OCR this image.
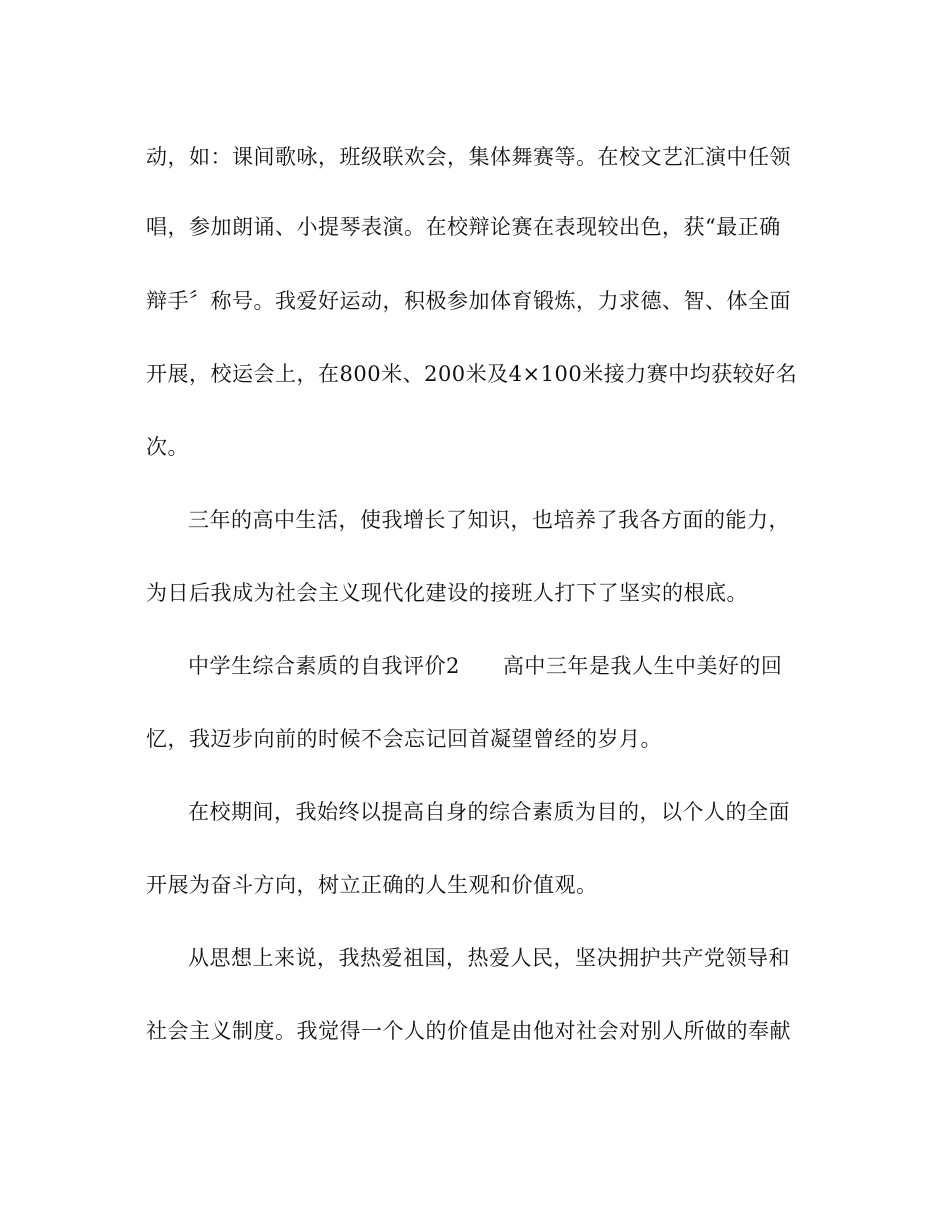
动，如：课间歌咏，班级联欢会，集体舞赛等。在校文艺汇演中任领
唱，参加朗诵、小提琴表演。在校辩论赛在表现较出色，获“最正确
辩手〞称号。我爱好运动，积极参加体育锻炼，力求德、智、体全面
开展，校运会上，在800米、200米及4×100米接力赛中均获较好名
次。
三年的高中生活，使我增长了知识，也培养了我各方面的能力，
为日后我成为社会主义现代化建设的接班人打下了坚实的根底。
中学生综合素质的自我评价2　　高中三年是我人生中美好的回
忆，我迈步向前的时候不会忘记回首凝望曾经的岁月。
在校期间，我始终以提高自身的综合素质为目的，以个人的全面
开展为奋斗方向，树立正确的人生观和价值观。
从思想上来说，我热爱祖国，热爱人民，坚决拥护共产党领导和
社会主义制度。我觉得一个人的价值是由他对社会对别人所做的奉献
